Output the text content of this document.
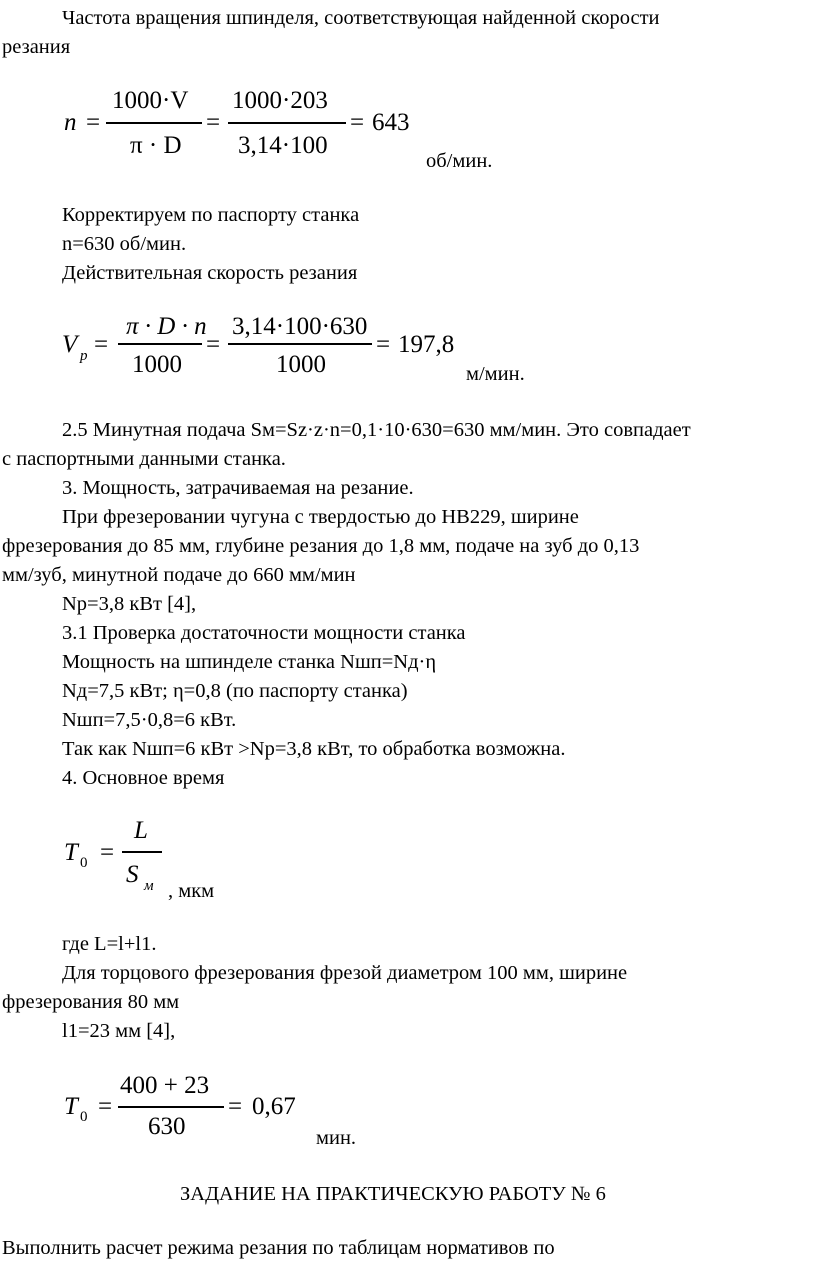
Частота вращения шпинделя, соответствующая найденной скорости
резания
n =
1000·V
π · D
=
1000·203
3,14·100
= 643
об/мин.
Корректируем по паспорту станка
n=630 об/мин.
Действительная скорость резания
V p =
π · D · n
1000
=
3,14·100·630
1000
= 197,8
м/мин.
2.5 Минутная подача Sм=Sz·z·n=0,1·10·630=630 мм/мин. Это совпадает
с паспортными данными станка.
3. Мощность, затрачиваемая на резание.
При фрезеровании чугуна с твердостью до НВ229, ширине
фрезерования до 85 мм, глубине резания до 1,8 мм, подаче на зуб до 0,13
мм/зуб, минутной подаче до 660 мм/мин
Nр=3,8 кВт [4],
3.1 Проверка достаточности мощности станка
Мощность на шпинделе станка Nшп=Nд·η
Nд=7,5 кВт; η=0,8 (по паспорту станка)
Nшп=7,5·0,8=6 кВт.
Так как Nшп=6 кВт >Nр=3,8 кВт, то обработка возможна.
4. Основное время
T 0 =
L
S м , мкм
где L=l+l1.
Для торцового фрезерования фрезой диаметром 100 мм, ширине
фрезерования 80 мм
l1=23 мм [4],
T 0 =
400 + 23
630
= 0,67
мин.
ЗАДАНИЕ НА ПРАКТИЧЕСКУЮ РАБОТУ № 6
Выполнить расчет режима резания по таблицам нормативов по
